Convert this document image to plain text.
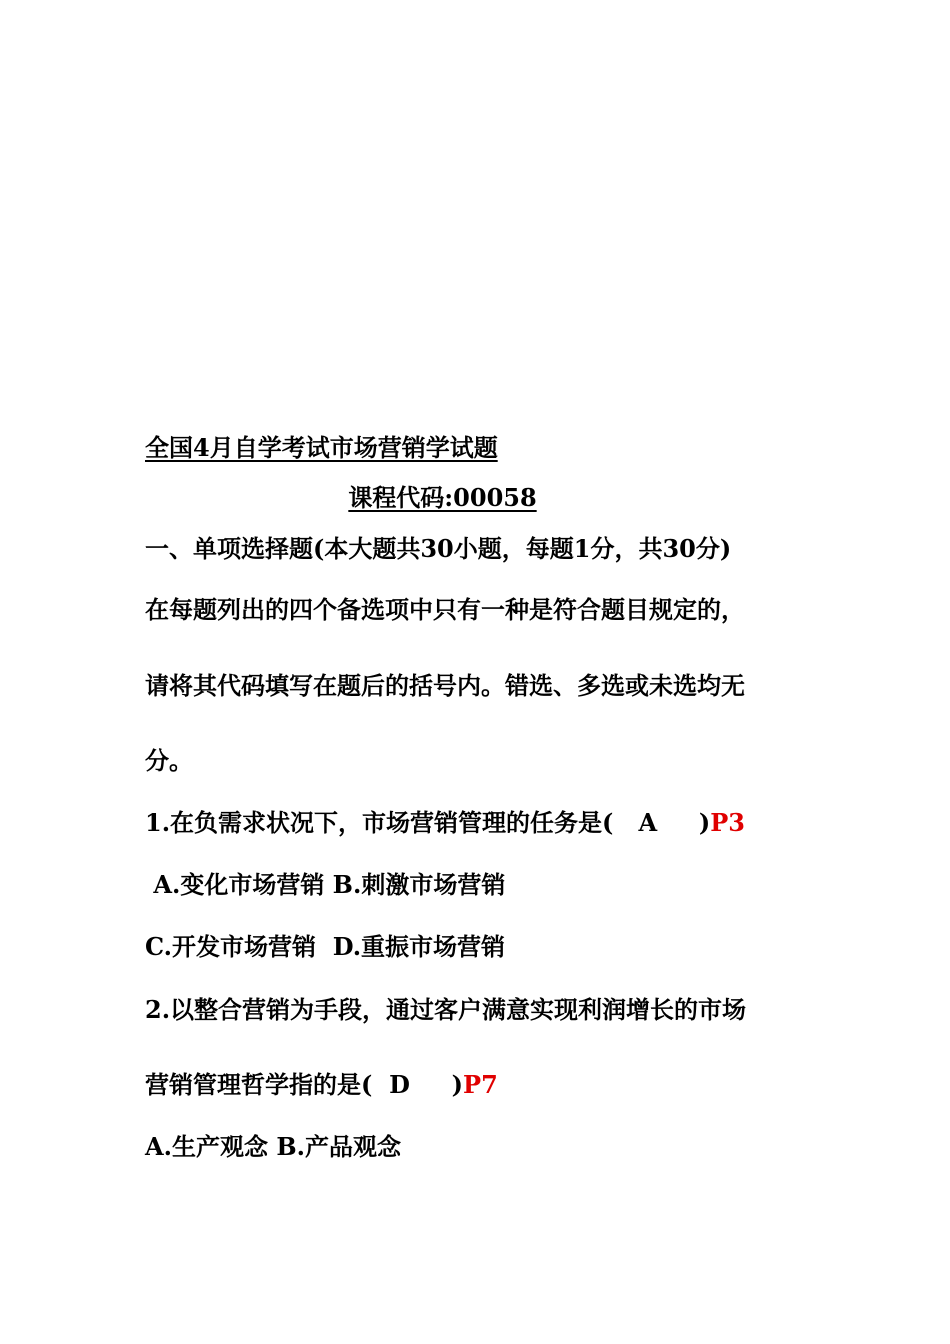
全国4月自学考试市场营销学试题
课程代码:00058
一、单项选择题(本大题共30小题，每题1分，共30分)
在每题列出的四个备选项中只有一种是符合题目规定的，
请将其代码填写在题后的括号内。错选、多选或未选均无
分。
1.在负需求状况下，市场营销管理的任务是(   A     )P3
A.变化市场营销 B.刺激市场营销
C.开发市场营销  D.重振市场营销
2.以整合营销为手段，通过客户满意实现利润增长的市场
营销管理哲学指的是(  D     )P7
A.生产观念 B.产品观念
